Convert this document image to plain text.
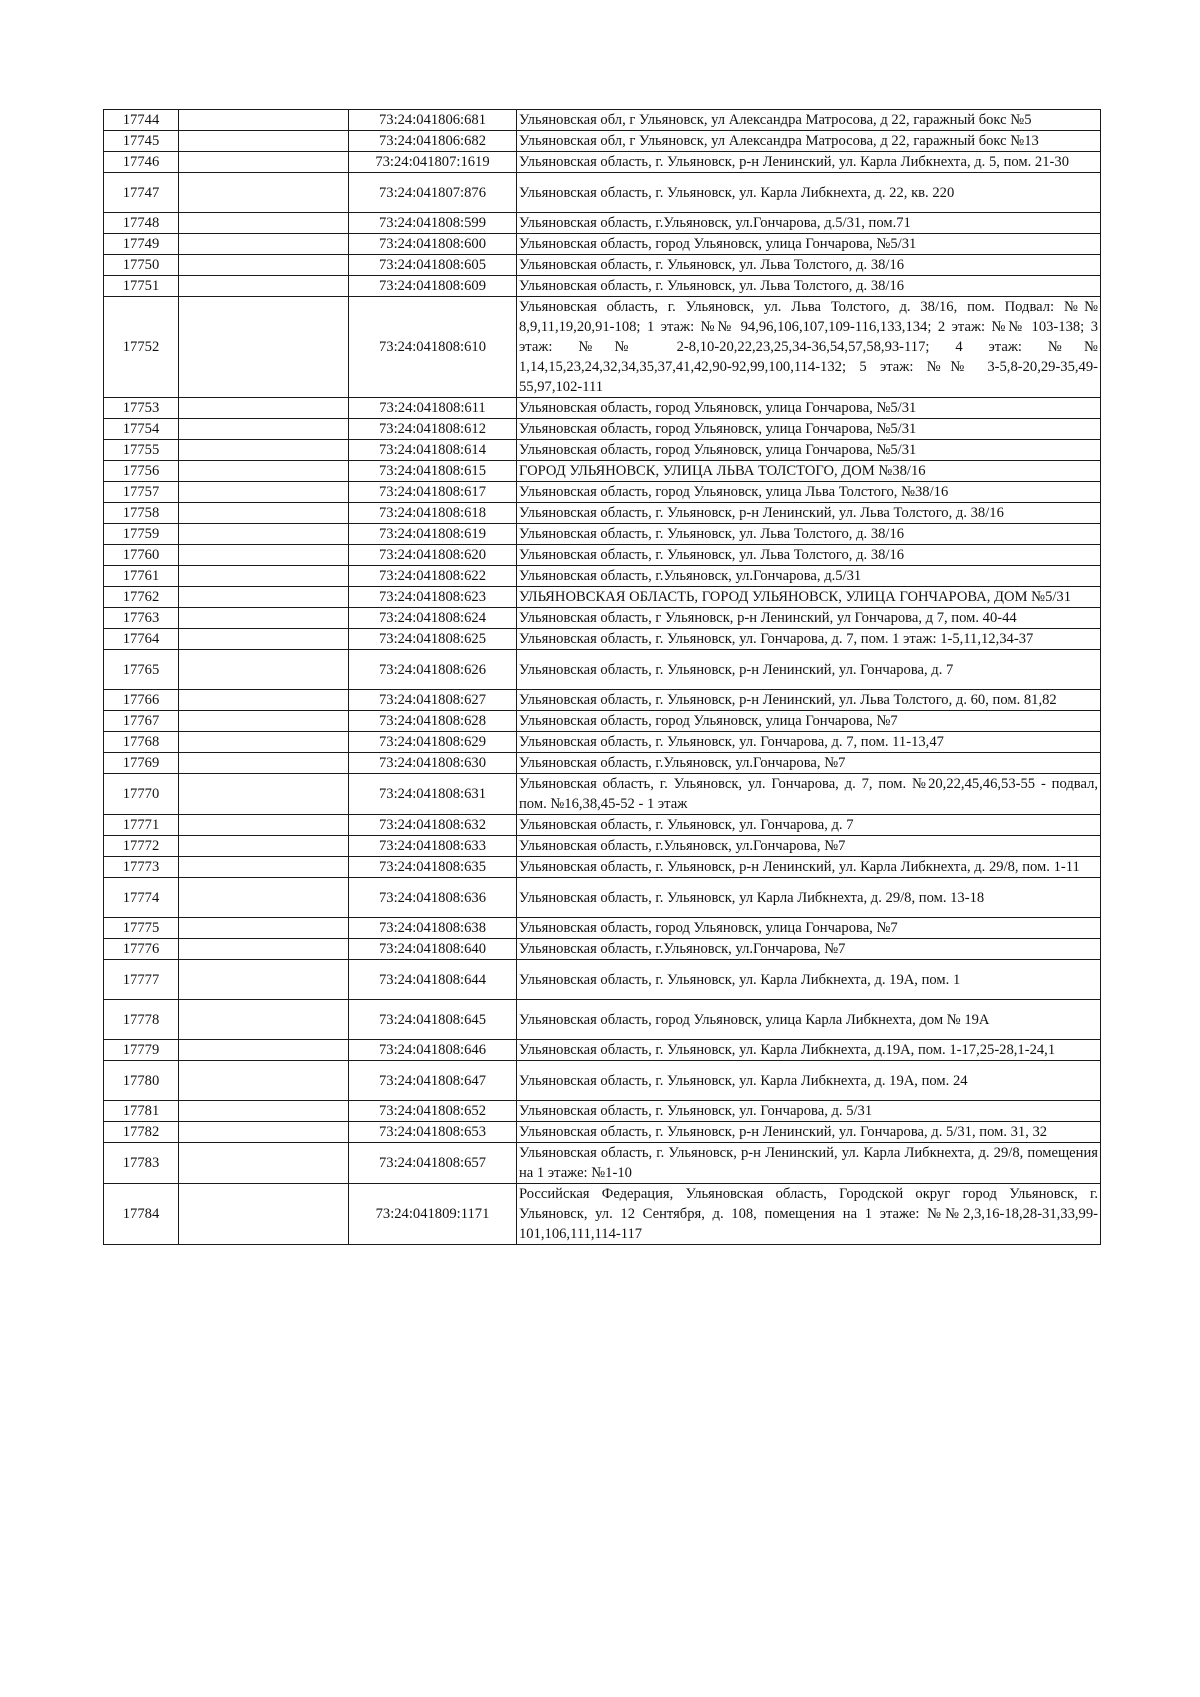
17744		73:24:041806:681	Ульяновская обл, г Ульяновск, ул Александра Матросова, д 22, гаражный бокс №5
17745		73:24:041806:682	Ульяновская обл, г Ульяновск, ул Александра Матросова, д 22, гаражный бокс №13
17746		73:24:041807:1619	Ульяновская область, г. Ульяновск, р-н Ленинский, ул. Карла Либкнехта, д. 5, пом. 21-30
17747		73:24:041807:876	Ульяновская область, г. Ульяновск, ул. Карла Либкнехта, д. 22, кв. 220
17748		73:24:041808:599	Ульяновская область, г.Ульяновск, ул.Гончарова, д.5/31, пом.71
17749		73:24:041808:600	Ульяновская область, город Ульяновск, улица Гончарова, №5/31
17750		73:24:041808:605	Ульяновская область, г. Ульяновск, ул. Льва Толстого, д. 38/16
17751		73:24:041808:609	Ульяновская область, г. Ульяновск, ул. Льва Толстого, д. 38/16
17752		73:24:041808:610	Ульяновская область, г. Ульяновск, ул. Льва Толстого, д. 38/16, пом. Подвал: №№ 8,9,11,19,20,91-108; 1 этаж: №№ 94,96,106,107,109-116,133,134; 2 этаж: №№ 103-138; 3 этаж: №№ 2-8,10-20,22,23,25,34-36,54,57,58,93-117; 4 этаж: №№ 1,14,15,23,24,32,34,35,37,41,42,90-92,99,100,114-132; 5 этаж: №№ 3-5,8-20,29-35,49-55,97,102-111
17753		73:24:041808:611	Ульяновская область, город Ульяновск, улица Гончарова, №5/31
17754		73:24:041808:612	Ульяновская область, город Ульяновск, улица Гончарова, №5/31
17755		73:24:041808:614	Ульяновская область, город Ульяновск, улица Гончарова, №5/31
17756		73:24:041808:615	ГОРОД УЛЬЯНОВСК, УЛИЦА ЛЬВА ТОЛСТОГО, ДОМ №38/16
17757		73:24:041808:617	Ульяновская область, город Ульяновск, улица Льва Толстого, №38/16
17758		73:24:041808:618	Ульяновская область, г. Ульяновск, р-н Ленинский, ул. Льва Толстого, д. 38/16
17759		73:24:041808:619	Ульяновская область, г. Ульяновск, ул. Льва Толстого, д. 38/16
17760		73:24:041808:620	Ульяновская область, г. Ульяновск, ул. Льва Толстого, д. 38/16
17761		73:24:041808:622	Ульяновская область, г.Ульяновск, ул.Гончарова, д.5/31
17762		73:24:041808:623	УЛЬЯНОВСКАЯ ОБЛАСТЬ, ГОРОД УЛЬЯНОВСК, УЛИЦА ГОНЧАРОВА, ДОМ №5/31
17763		73:24:041808:624	Ульяновская область, г Ульяновск, р-н Ленинский, ул Гончарова, д 7, пом. 40-44
17764		73:24:041808:625	Ульяновская область, г. Ульяновск, ул. Гончарова, д. 7, пом. 1 этаж: 1-5,11,12,34-37
17765		73:24:041808:626	Ульяновская область, г. Ульяновск, р-н Ленинский, ул. Гончарова, д. 7
17766		73:24:041808:627	Ульяновская область, г. Ульяновск, р-н Ленинский, ул. Льва Толстого, д. 60, пом. 81,82
17767		73:24:041808:628	Ульяновская область, город Ульяновск, улица Гончарова, №7
17768		73:24:041808:629	Ульяновская область, г. Ульяновск, ул. Гончарова, д. 7, пом. 11-13,47
17769		73:24:041808:630	Ульяновская область, г.Ульяновск, ул.Гончарова, №7
17770		73:24:041808:631	Ульяновская область, г. Ульяновск, ул. Гончарова, д. 7, пом. №20,22,45,46,53-55 - подвал, пом. №16,38,45-52 - 1 этаж
17771		73:24:041808:632	Ульяновская область, г. Ульяновск, ул. Гончарова, д. 7
17772		73:24:041808:633	Ульяновская область, г.Ульяновск, ул.Гончарова, №7
17773		73:24:041808:635	Ульяновская область, г. Ульяновск, р-н Ленинский, ул. Карла Либкнехта, д. 29/8, пом. 1-11
17774		73:24:041808:636	Ульяновская область, г. Ульяновск, ул Карла Либкнехта, д. 29/8, пом. 13-18
17775		73:24:041808:638	Ульяновская область, город Ульяновск, улица Гончарова, №7
17776		73:24:041808:640	Ульяновская область, г.Ульяновск, ул.Гончарова, №7
17777		73:24:041808:644	Ульяновская область, г. Ульяновск, ул. Карла Либкнехта, д. 19А, пом. 1
17778		73:24:041808:645	Ульяновская область, город Ульяновск, улица Карла Либкнехта, дом № 19А
17779		73:24:041808:646	Ульяновская область, г. Ульяновск, ул. Карла Либкнехта, д.19А, пом. 1-17,25-28,1-24,1
17780		73:24:041808:647	Ульяновская область, г. Ульяновск, ул. Карла Либкнехта, д. 19А, пом. 24
17781		73:24:041808:652	Ульяновская область, г. Ульяновск, ул. Гончарова, д. 5/31
17782		73:24:041808:653	Ульяновская область, г. Ульяновск, р-н Ленинский, ул. Гончарова, д. 5/31, пом. 31, 32
17783		73:24:041808:657	Ульяновская область, г. Ульяновск, р-н Ленинский, ул. Карла Либкнехта, д. 29/8, помещения на 1 этаже: №1-10
17784		73:24:041809:1171	Российская Федерация, Ульяновская область, Городской округ город Ульяновск, г. Ульяновск, ул. 12 Сентября, д. 108, помещения на 1 этаже: №№2,3,16-18,28-31,33,99-101,106,111,114-117
